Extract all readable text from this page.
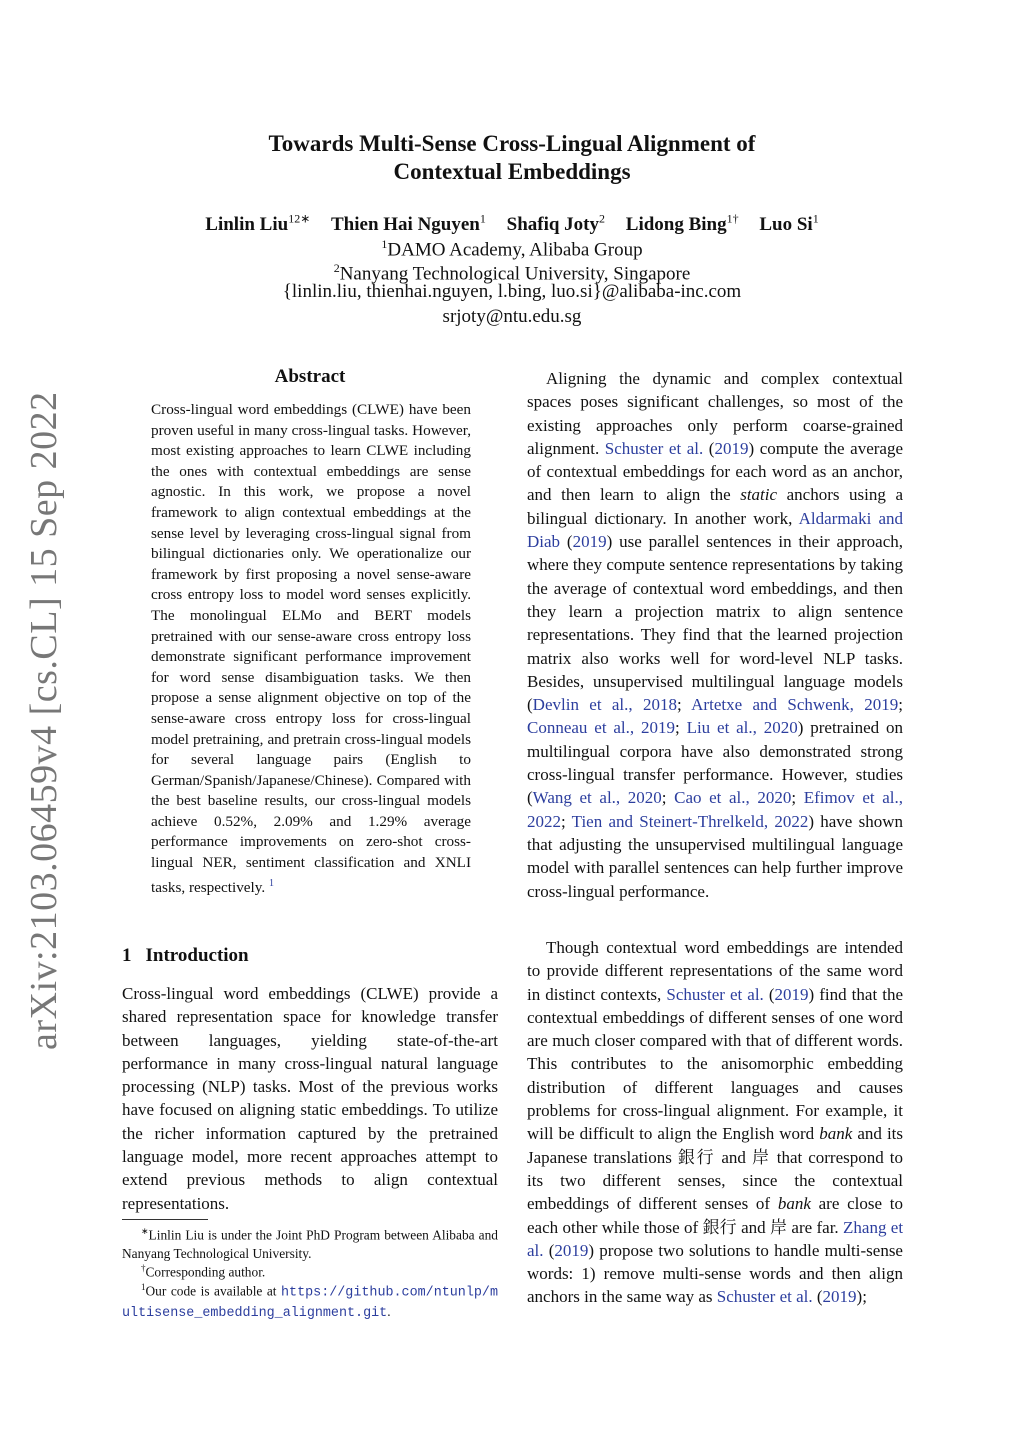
arXiv:2103.06459v4 [cs.CL] 15 Sep 2022
Towards Multi-Sense Cross-Lingual Alignment of
Contextual Embeddings
Linlin Liu$^{12∗}$ Thien Hai Nguyen$^1$ Shafiq Joty$^2$ Lidong Bing$^{1\dagger}$ Luo Si$^1$
$^1$DAMO Academy, Alibaba Group
$^2$Nanyang Technological University, Singapore
{linlin.liu, thienhai.nguyen, l.bing, luo.si}@alibaba-inc.com
srjoty@ntu.edu.sg
Abstract

Cross-lingual word embeddings (CLWE) have been proven useful in many cross-lingual tasks. However, most existing approaches to learn CLWE including the ones with contextual embeddings are sense agnostic. In this work, we propose a novel framework to align contextual embeddings at the sense level by leveraging cross-lingual signal from bilingual dictionaries only. We operationalize our framework by first proposing a novel sense-aware cross entropy loss to model word senses explicitly. The monolingual ELMo and BERT models pretrained with our sense-aware cross entropy loss demonstrate significant performance improvement for word sense disambiguation tasks. We then propose a sense alignment objective on top of the sense-aware cross entropy loss for cross-lingual model pretraining, and pretrain cross-lingual models for several language pairs (English to German/Spanish/Japanese/Chinese). Compared with the best baseline results, our cross-lingual models achieve 0.52%, 2.09% and 1.29% average performance improvements on zero-shot cross-lingual NER, sentiment classification and XNLI tasks, respectively. $^1$

1 Introduction

Cross-lingual word embeddings (CLWE) provide a shared representation space for knowledge transfer between languages, yielding state-of-the-art performance in many cross-lingual natural language processing (NLP) tasks. Most of the previous works have focused on aligning static embeddings. To utilize the richer information captured by the pretrained language model, more recent approaches attempt to extend previous methods to align contextual representations.

∗Linlin Liu is under the Joint PhD Program between Alibaba and Nanyang Technological University.

†Corresponding author.

$^1$Our code is available at https://github.com/ntunlp/multisense_embedding_alignment.git.

Aligning the dynamic and complex contextual spaces poses significant challenges, so most of the existing approaches only perform coarse-grained alignment. Schuster et al. (2019) compute the average of contextual embeddings for each word as an anchor, and then learn to align the static anchors using a bilingual dictionary. In another work, Aldarmaki and Diab (2019) use parallel sentences in their approach, where they compute sentence representations by taking the average of contextual word embeddings, and then they learn a projection matrix to align sentence representations. They find that the learned projection matrix also works well for word-level NLP tasks. Besides, unsupervised multilingual language models (Devlin et al., 2018; Artetxe and Schwenk, 2019; Conneau et al., 2019; Liu et al., 2020) pretrained on multilingual corpora have also demonstrated strong cross-lingual transfer performance. However, studies (Wang et al., 2020; Cao et al., 2020; Efimov et al., 2022; Tien and Steinert-Threlkeld, 2022) have shown that adjusting the unsupervised multilingual language model with parallel sentences can help further improve cross-lingual performance.

Though contextual word embeddings are intended to provide different representations of the same word in distinct contexts, Schuster et al. (2019) find that the contextual embeddings of different senses of one word are much closer compared with that of different words. This contributes to the anisomorphic embedding distribution of different languages and causes problems for cross-lingual alignment. For example, it will be difficult to align the English word bank and its Japanese translations 銀行 and 岸 that correspond to its two different senses, since the contextual embeddings of different senses of bank are close to each other while those of 銀行 and 岸 are far. Zhang et al. (2019) propose two solutions to handle multi-sense words: 1) remove multi-sense words and then align anchors in the same way as Schuster et al. (2019);
